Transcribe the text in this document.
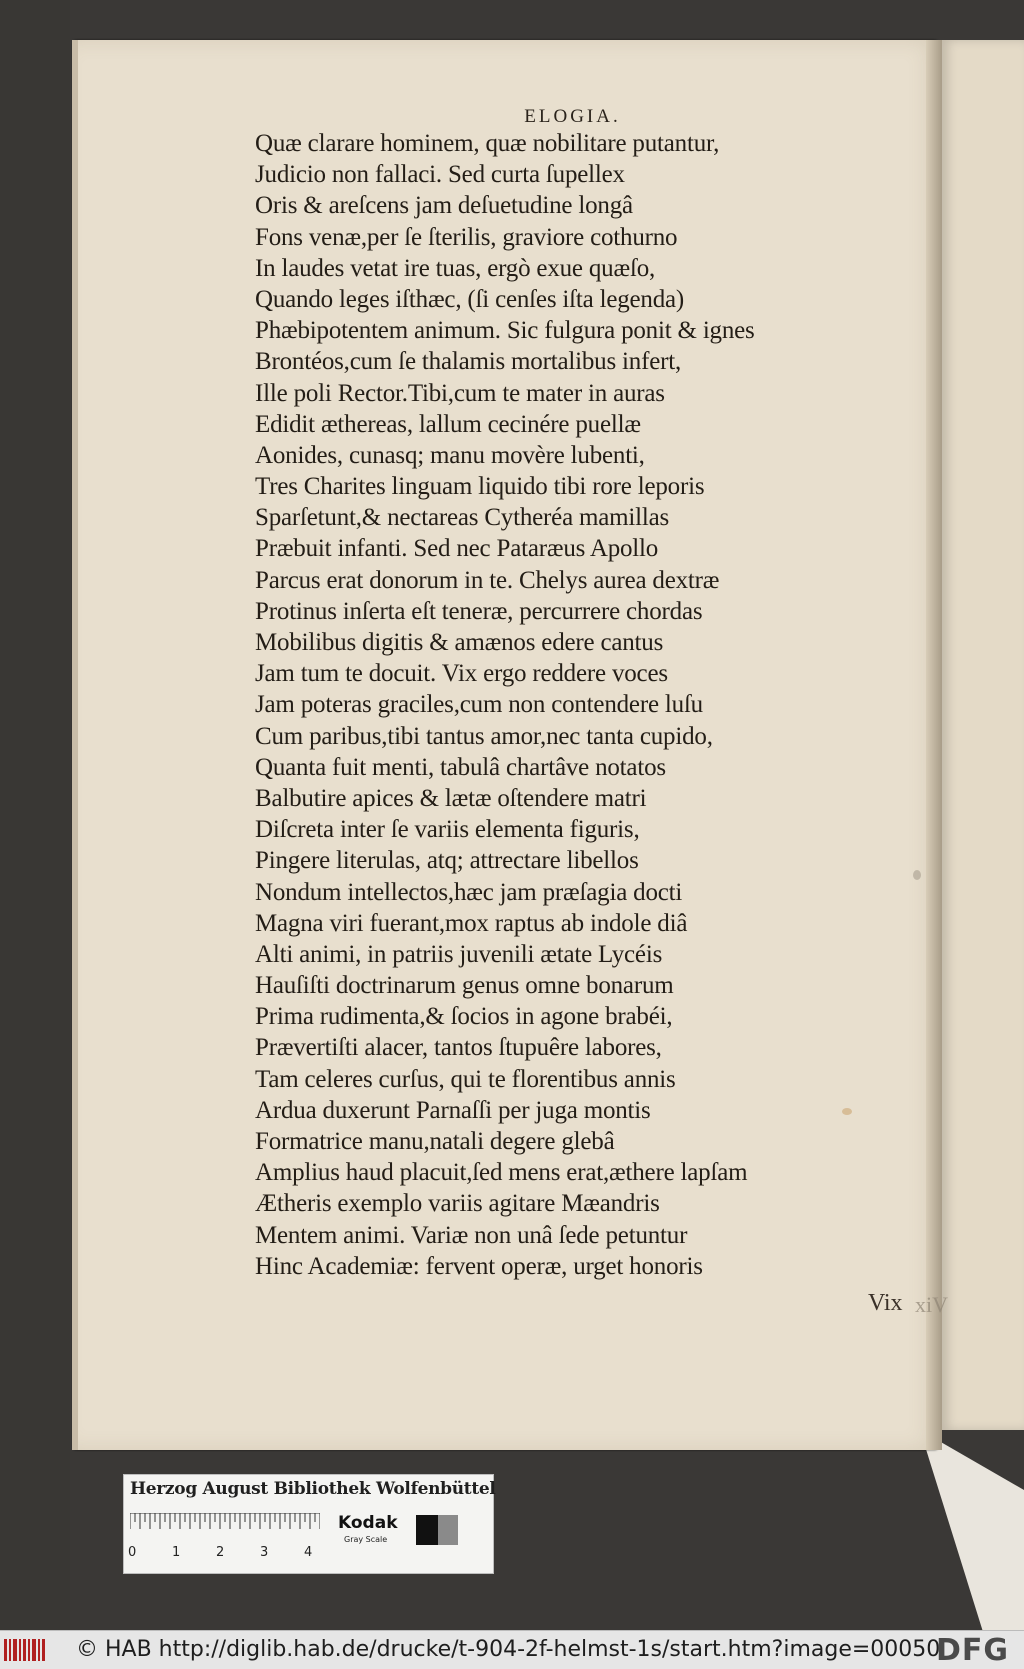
ELOGIA.
Quæ clarare hominem, quæ nobilitare putantur,
Judicio non fallaci. Sed curta ſupellex
Oris & areſcens jam deſuetudine longâ
Fons venæ,per ſe ſterilis, graviore cothurno
In laudes vetat ire tuas, ergò exue quæſo,
Quando leges iſthæc, (ſi cenſes iſta legenda)
Phæbipotentem animum. Sic fulgura ponit & ignes
Brontéos,cum ſe thalamis mortalibus infert,
Ille poli Rector.Tibi,cum te mater in auras
Edidit æthereas, lallum cecinére puellæ
Aonides, cunasq; manu movère lubenti,
Tres Charites linguam liquido tibi rore leporis
Sparſetunt,& nectareas Cytheréa mamillas
Præbuit infanti. Sed nec Pataræus Apollo
Parcus erat donorum in te. Chelys aurea dextræ
Protinus inſerta eſt teneræ, percurrere chordas
Mobilibus digitis & amænos edere cantus
Jam tum te docuit. Vix ergo reddere voces
Jam poteras graciles,cum non contendere luſu
Cum paribus,tibi tantus amor,nec tanta cupido,
Quanta fuit menti, tabulâ chartâve notatos
Balbutire apices & lætæ oſtendere matri
Diſcreta inter ſe variis elementa figuris,
Pingere literulas, atq; attrectare libellos
Nondum intellectos,hæc jam præſagia docti
Magna viri fuerant,mox raptus ab indole diâ
Alti animi, in patriis juvenili ætate Lycéis
Hauſiſti doctrinarum genus omne bonarum
Prima rudimenta,& ſocios in agone brabéi,
Prævertiſti alacer, tantos ſtupuêre labores,
Tam celeres curſus, qui te florentibus annis
Ardua duxerunt Parnaſſi per juga montis
Formatrice manu,natali degere glebâ
Amplius haud placuit,ſed mens erat,æthere lapſam
Ætheris exemplo variis agitare Mæandris
Mentem animi. Variæ non unâ ſede petuntur
Hinc Academiæ: fervent operæ, urget honoris
Vix xiV
Herzog August Bibliothek Wolfenbüttel
0	1	2	3	4
Kodak
Gray Scale
© HAB http://diglib.hab.de/drucke/t-904-2f-helmst-1s/start.htm?image=00050
DFG
